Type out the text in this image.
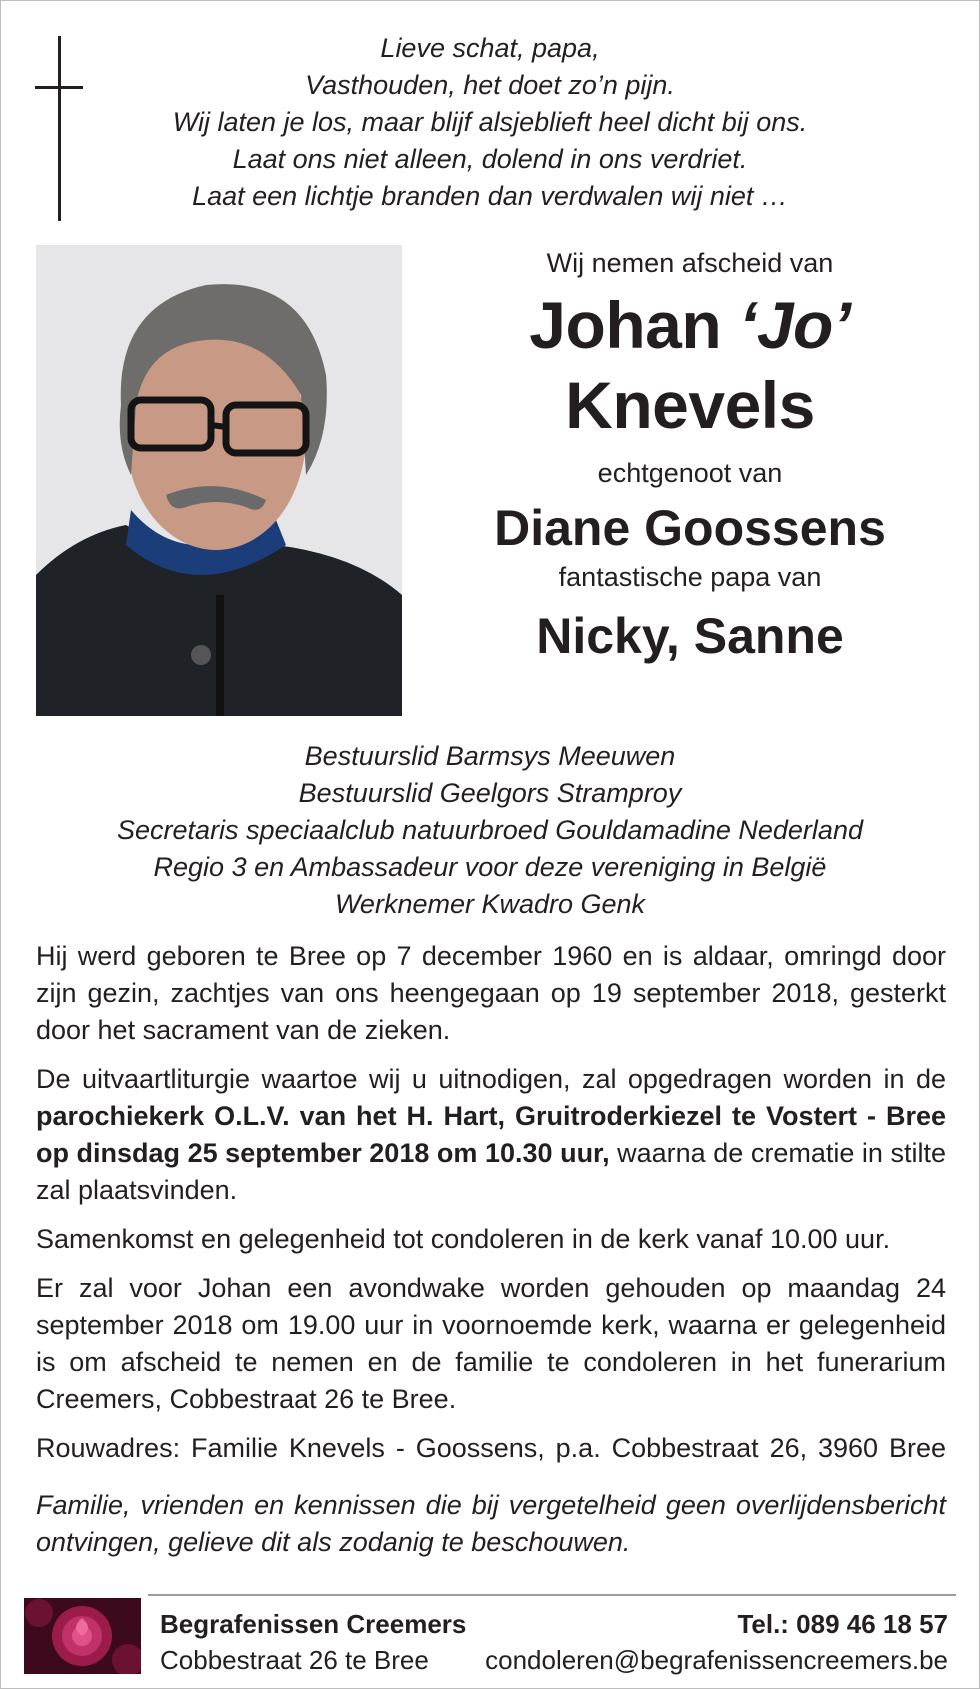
Lieve schat, papa,
Vasthouden, het doet zo’n pijn.
Wij laten je los, maar blijf alsjeblieft heel dicht bij ons.
Laat ons niet alleen, dolend in ons verdriet.
Laat een lichtje branden dan verdwalen wij niet …
Wij nemen afscheid van
Johan ‘Jo’
Knevels
echtgenoot van
Diane Goossens
fantastische papa van
Nicky, Sanne
Bestuurslid Barmsys Meeuwen
Bestuurslid Geelgors Stramproy
Secretaris speciaalclub natuurbroed Gouldamadine Nederland
Regio 3 en Ambassadeur voor deze vereniging in België
Werknemer Kwadro Genk

Hij werd geboren te Bree op 7 december 1960 en is aldaar, omringd door zijn gezin, zachtjes van ons heengegaan op 19 september 2018, gesterkt door het sacrament van de zieken.

De uitvaartliturgie waartoe wij u uitnodigen, zal opgedragen worden in de parochiekerk O.L.V. van het H. Hart, Gruitroderkiezel te Vostert - Bree op dinsdag 25 september 2018 om 10.30 uur, waarna de crematie in stilte zal plaatsvinden.

Samenkomst en gelegenheid tot condoleren in de kerk vanaf 10.00 uur.

Er zal voor Johan een avondwake worden gehouden op maandag 24 september 2018 om 19.00 uur in voornoemde kerk, waarna er gelegenheid is om afscheid te nemen en de familie te condoleren in het funerarium Creemers, Cobbestraat 26 te Bree.

Rouwadres: Familie Knevels - Goossens, p.a. Cobbestraat 26, 3960 Bree

Familie, vrienden en kennissen die bij vergetelheid geen overlijdensbericht ontvingen, gelieve dit als zodanig te beschouwen.

Begrafenissen Creemers
Cobbestraat 26 te Bree
Tel.: 089 46 18 57
condoleren@begrafenissencreemers.be
